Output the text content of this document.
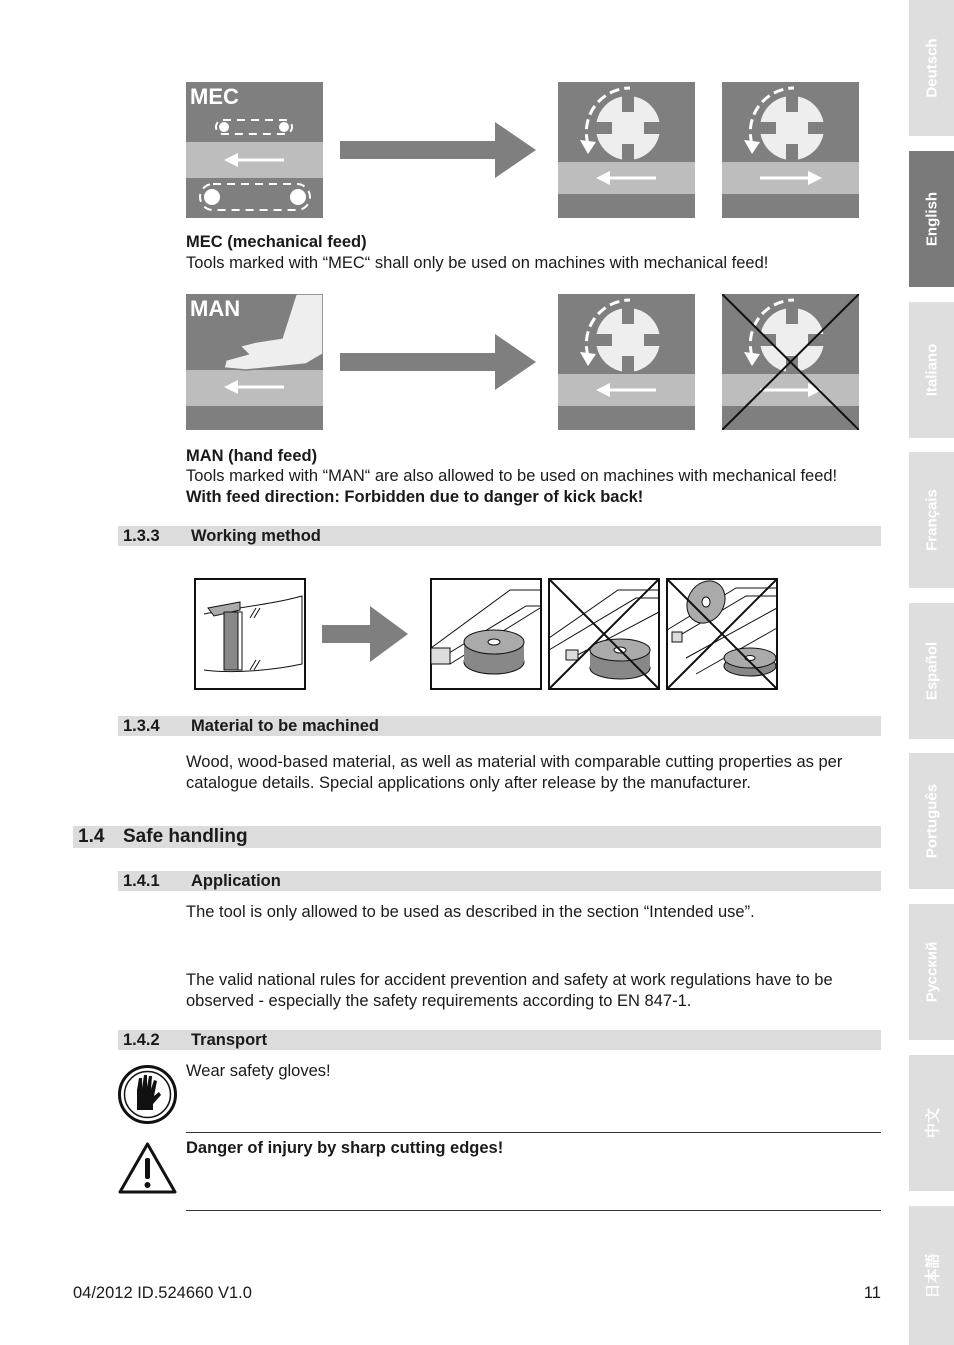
MEC
MEC (mechanical feed)
Tools marked with “MEC“ shall only be used on machines with mechanical feed!
MAN
MAN (hand feed)
Tools marked with “MAN“ are also allowed to be used on machines with mechanical feed!
With feed direction: Forbidden due to danger of kick back!
1.3.3 Working method
1.3.4 Material to be machined
Wood, wood-based material, as well as material with comparable cutting properties as per catalogue details. Special applications only after release by the manufacturer.
1.4 Safe handling
1.4.1 Application
The tool is only allowed to be used as described in the section “Intended use”.
The valid national rules for accident prevention and safety at work regulations have to be observed - especially the safety requirements according to EN 847-1.
1.4.2 Transport
Wear safety gloves!
Danger of injury by sharp cutting edges!
04/2012 ID.524660 V1.0	11
Deutsch
English
Italiano
Français
Español
Português
Русский
中文
日本語
